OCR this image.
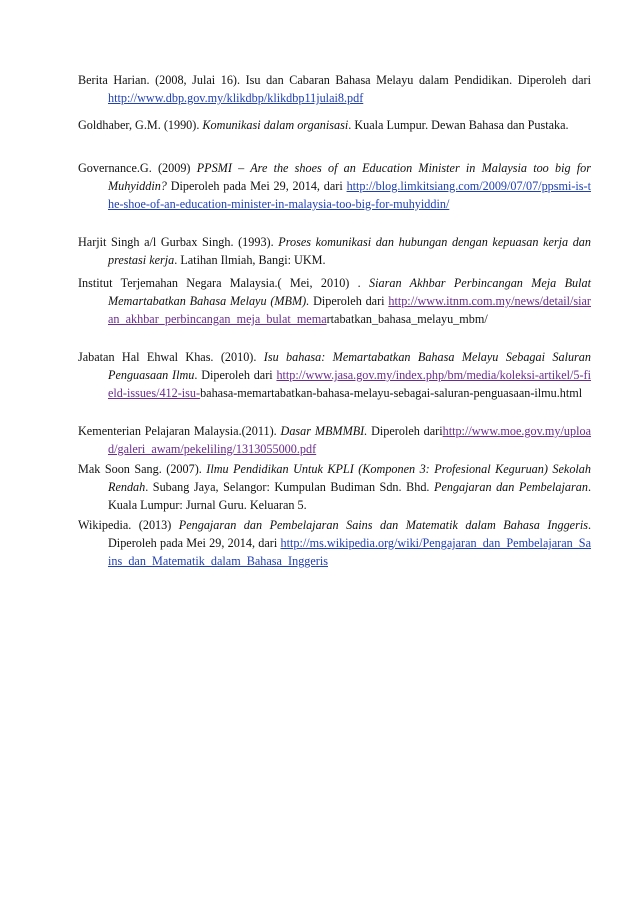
Berita Harian. (2008, Julai 16). Isu dan Cabaran Bahasa Melayu dalam Pendidikan. Diperoleh dari http://www.dbp.gov.my/klikdbp/klikdbp11julai8.pdf
Goldhaber, G.M. (1990). Komunikasi dalam organisasi. Kuala Lumpur. Dewan Bahasa dan Pustaka.
Governance.G. (2009) PPSMI – Are the shoes of an Education Minister in Malaysia too big for Muhyiddin? Diperoleh pada Mei 29, 2014, dari http://blog.limkitsiang.com/2009/07/07/ppsmi-is-the-shoe-of-an-education-minister-in-malaysia-too-big-for-muhyiddin/
Harjit Singh a/l Gurbax Singh. (1993). Proses komunikasi dan hubungan dengan kepuasan kerja dan prestasi kerja. Latihan Ilmiah, Bangi: UKM.
Institut Terjemahan Negara Malaysia.( Mei, 2010) . Siaran Akhbar Perbincangan Meja Bulat Memartabatkan Bahasa Melayu (MBM). Diperoleh dari http://www.itnm.com.my/news/detail/siaran_akhbar_perbincangan_meja_bulat_memartabatkan_bahasa_melayu_mbm/
Jabatan Hal Ehwal Khas. (2010). Isu bahasa: Memartabatkan Bahasa Melayu Sebagai Saluran Penguasaan Ilmu. Diperoleh dari http://www.jasa.gov.my/index.php/bm/media/koleksi-artikel/5-field-issues/412-isu-bahasa-memartabatkan-bahasa-melayu-sebagai-saluran-penguasaan-ilmu.html
Kementerian Pelajaran Malaysia.(2011). Dasar MBMMBI. Diperoleh darihttp://www.moe.gov.my/upload/galeri_awam/pekeliling/1313055000.pdf
Mak Soon Sang. (2007). Ilmu Pendidikan Untuk KPLI (Komponen 3: Profesional Keguruan) Sekolah Rendah. Subang Jaya, Selangor: Kumpulan Budiman Sdn. Bhd. Pengajaran dan Pembelajaran. Kuala Lumpur: Jurnal Guru. Keluaran 5.
Wikipedia. (2013) Pengajaran dan Pembelajaran Sains dan Matematik dalam Bahasa Inggeris. Diperoleh pada Mei 29, 2014, dari http://ms.wikipedia.org/wiki/Pengajaran_dan_Pembelajaran_Sains_dan_Matematik_dalam_Bahasa_Inggeris
